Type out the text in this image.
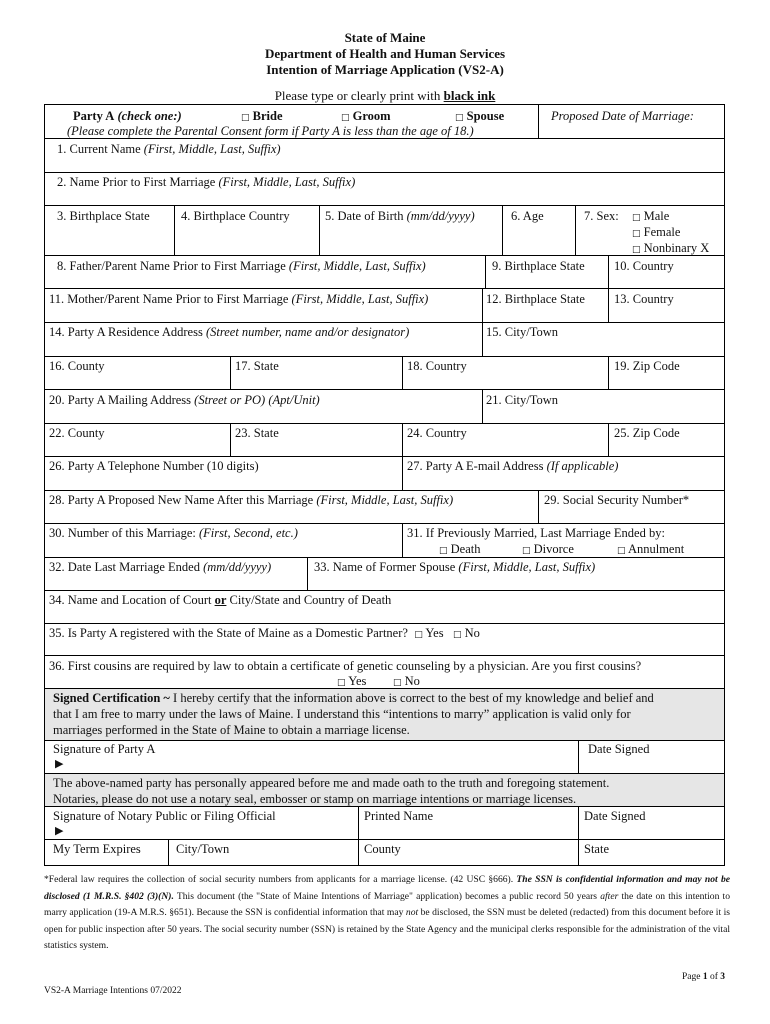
State of Maine
Department of Health and Human Services
Intention of Marriage Application (VS2-A)
Please type or clearly print with black ink
Party A (check one:)	□ Bride	□ Groom	□ Spouse
(Please complete the Parental Consent form if Party A is less than the age of 18.)
Proposed Date of Marriage:
1. Current Name (First, Middle, Last, Suffix)
2. Name Prior to First Marriage (First, Middle, Last, Suffix)
3. Birthplace State	4. Birthplace Country	5. Date of Birth (mm/dd/yyyy)	6. Age	7. Sex: □ Male
□ Female
□ Nonbinary X
8. Father/Parent Name Prior to First Marriage (First, Middle, Last, Suffix)	9. Birthplace State 10. Country
11. Mother/Parent Name Prior to First Marriage (First, Middle, Last, Suffix)	12. Birthplace State 13. Country
14. Party A Residence Address (Street number, name and/or designator)	15. City/Town
16. County	17. State	18. Country	19. Zip Code
20. Party A Mailing Address (Street or PO) (Apt/Unit)	21. City/Town
22. County	23. State	24. Country	25. Zip Code
26. Party A Telephone Number (10 digits)	27. Party A E-mail Address (If applicable)
28. Party A Proposed New Name After this Marriage (First, Middle, Last, Suffix)	29. Social Security Number*
30. Number of this Marriage: (First, Second, etc.)	31. If Previously Married, Last Marriage Ended by:
□ Death	□ Divorce	□ Annulment
32. Date Last Marriage Ended (mm/dd/yyyy)	33. Name of Former Spouse (First, Middle, Last, Suffix)
34. Name and Location of Court or City/State and Country of Death
35. Is Party A registered with the State of Maine as a Domestic Partner? □ Yes □ No
36. First cousins are required by law to obtain a certificate of genetic counseling by a physician. Are you first cousins?
□ Yes	□ No
Signed Certification ~ I hereby certify that the information above is correct to the best of my knowledge and belief and
that I am free to marry under the laws of Maine. I understand this “intentions to marry” application is valid only for
marriages performed in the State of Maine to obtain a marriage license.
Signature of Party A
▶
Date Signed
The above-named party has personally appeared before me and made oath to the truth and foregoing statement.
Notaries, please do not use a notary seal, embosser or stamp on marriage intentions or marriage licenses.
Signature of Notary Public or Filing Official
▶
Printed Name	Date Signed
My Term Expires	City/Town	County	State
*Federal law requires the collection of social security numbers from applicants for a marriage license. (42 USC §666). The SSN is confidential information and may not be disclosed (1 M.R.S. §402 (3)(N). This document (the "State of Maine Intentions of Marriage" application) becomes a public record 50 years after the date on this intention to marry application (19-A M.R.S. §651). Because the SSN is confidential information that may not be disclosed, the SSN must be deleted (redacted) from this document before it is open for public inspection after 50 years. The social security number (SSN) is retained by the State Agency and the municipal clerks responsible for the administration of the vital statistics system.
Page 1 of 3
VS2-A Marriage Intentions 07/2022
